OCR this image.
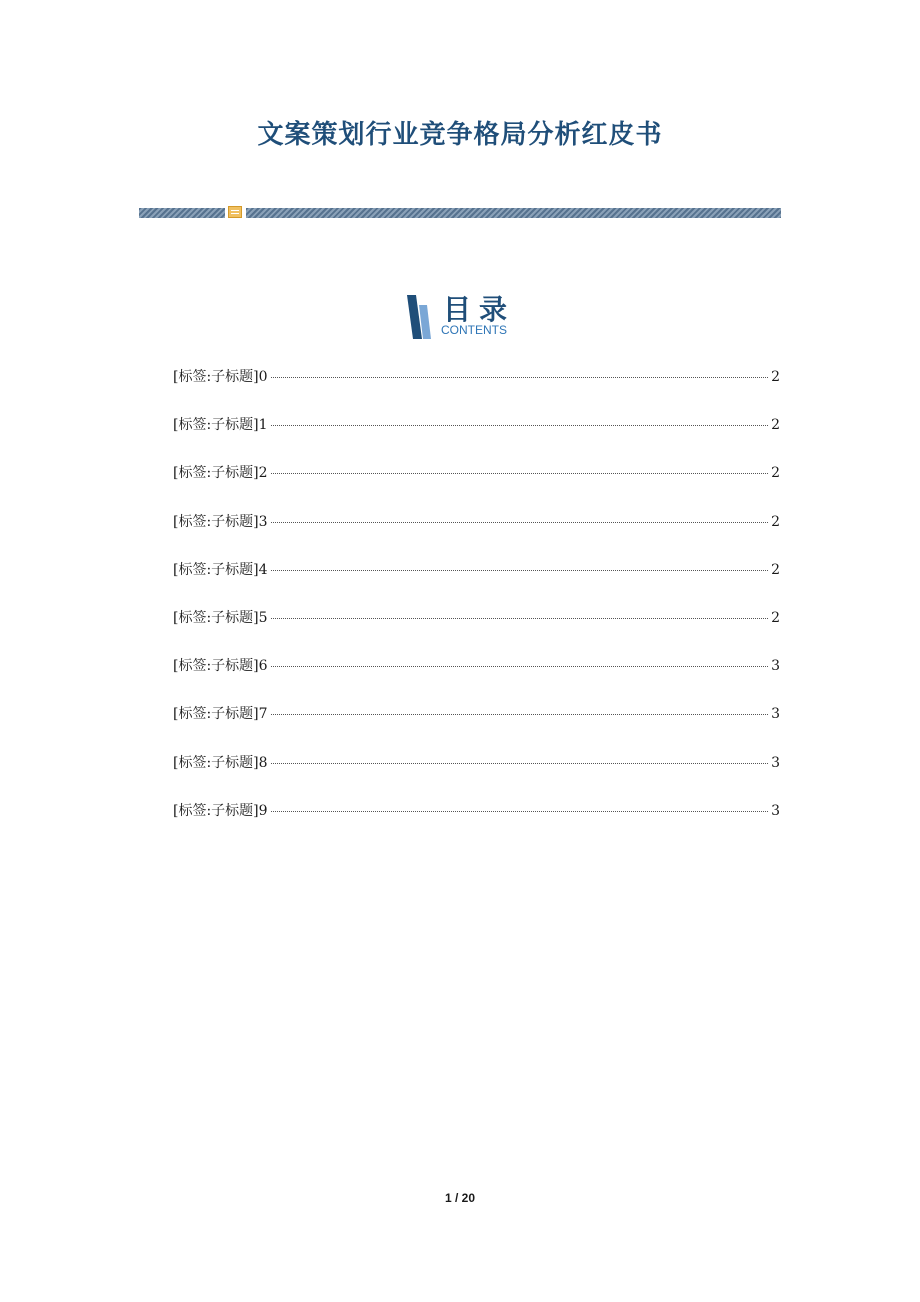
文案策划行业竞争格局分析红皮书
目录
CONTENTS
[标签:子标题]0	2
[标签:子标题]1	2
[标签:子标题]2	2
[标签:子标题]3	2
[标签:子标题]4	2
[标签:子标题]5	2
[标签:子标题]6	3
[标签:子标题]7	3
[标签:子标题]8	3
[标签:子标题]9	3
1 / 20
